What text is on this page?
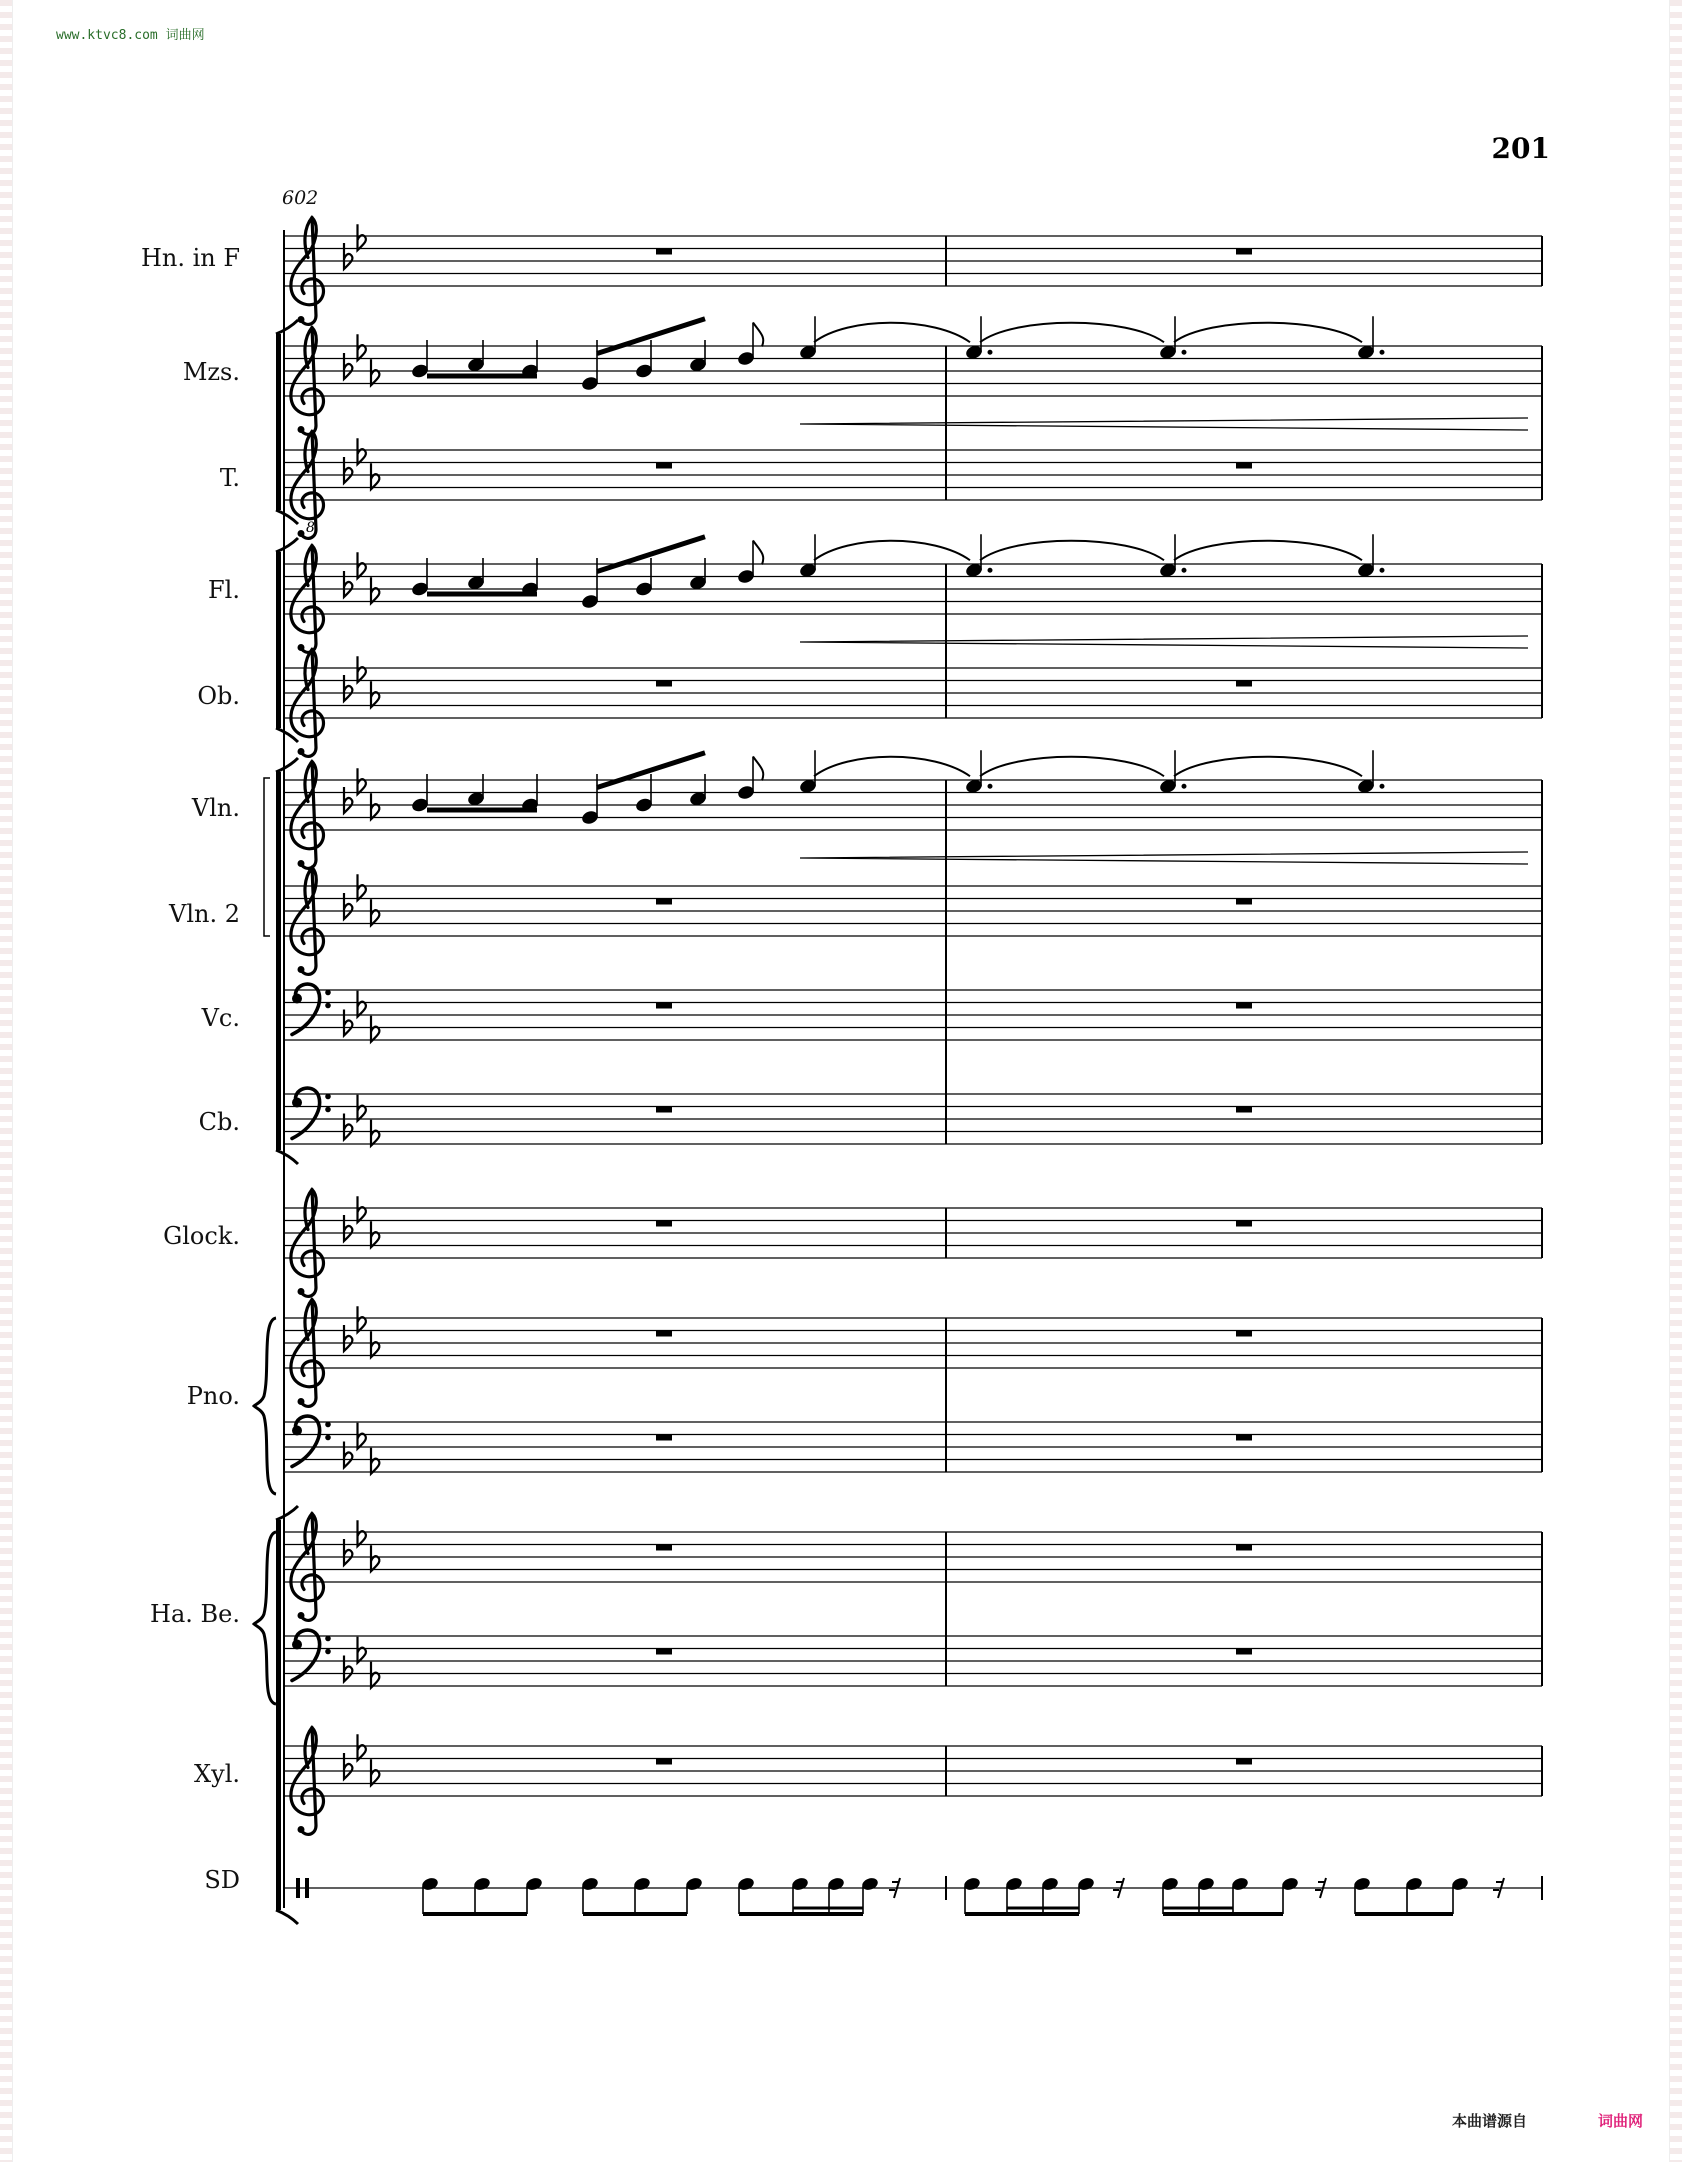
www.ktvc8.com 词曲网
201
Hn. in F
Mzs.
T.
Fl.
Ob.
Vln.
Vln. 2
Vc.
Cb.
Glock.
Pno.
Ha. Be.
Xyl.
SD
602
8
本曲谱源自	词曲网
